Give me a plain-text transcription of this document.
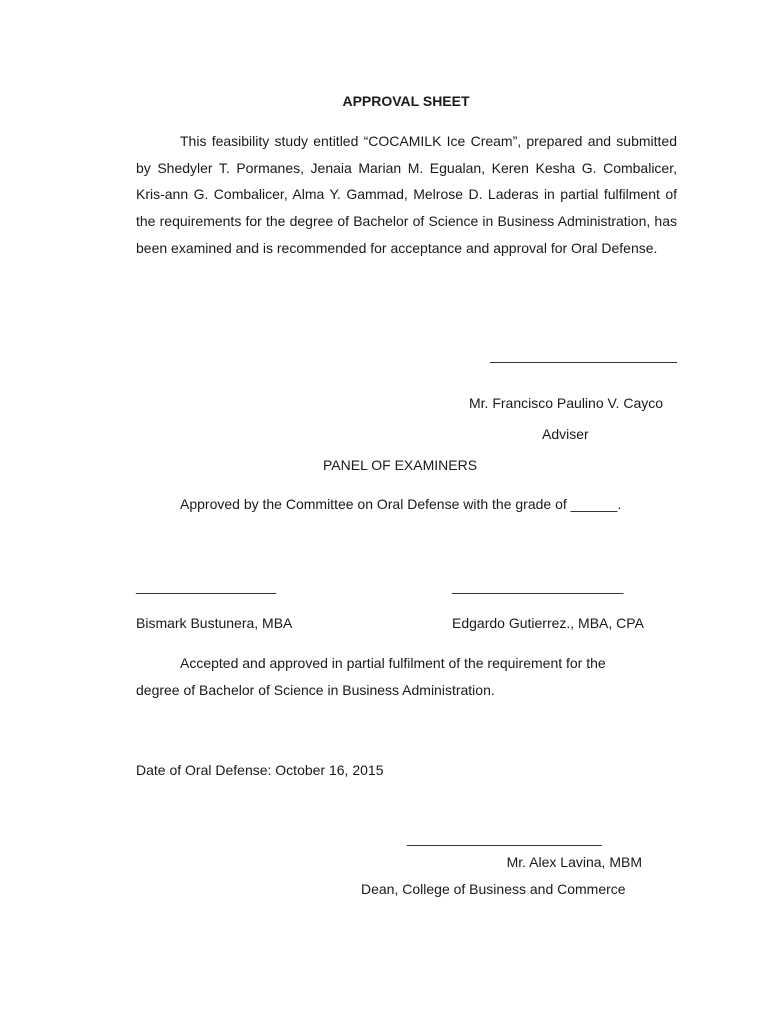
APPROVAL SHEET
This feasibility study entitled “COCAMILK Ice Cream”, prepared and submitted by Shedyler T. Pormanes, Jenaia Marian M. Egualan, Keren Kesha G. Combalicer, Kris-ann G. Combalicer, Alma Y. Gammad, Melrose D. Laderas in partial fulfilment of the requirements for the degree of Bachelor of Science in Business Administration, has been examined and is recommended for acceptance and approval for Oral Defense.
________________________
Mr. Francisco Paulino V. Cayco
Adviser
PANEL OF EXAMINERS
Approved by the Committee on Oral Defense with the grade of ______.
__________________	______________________
Bismark Bustunera, MBA	Edgardo Gutierrez., MBA, CPA
Accepted and approved in partial fulfilment of the requirement for the degree of Bachelor of Science in Business Administration.
Date of Oral Defense: October 16, 2015
_________________________
Mr. Alex Lavina, MBM
Dean, College of Business and Commerce
